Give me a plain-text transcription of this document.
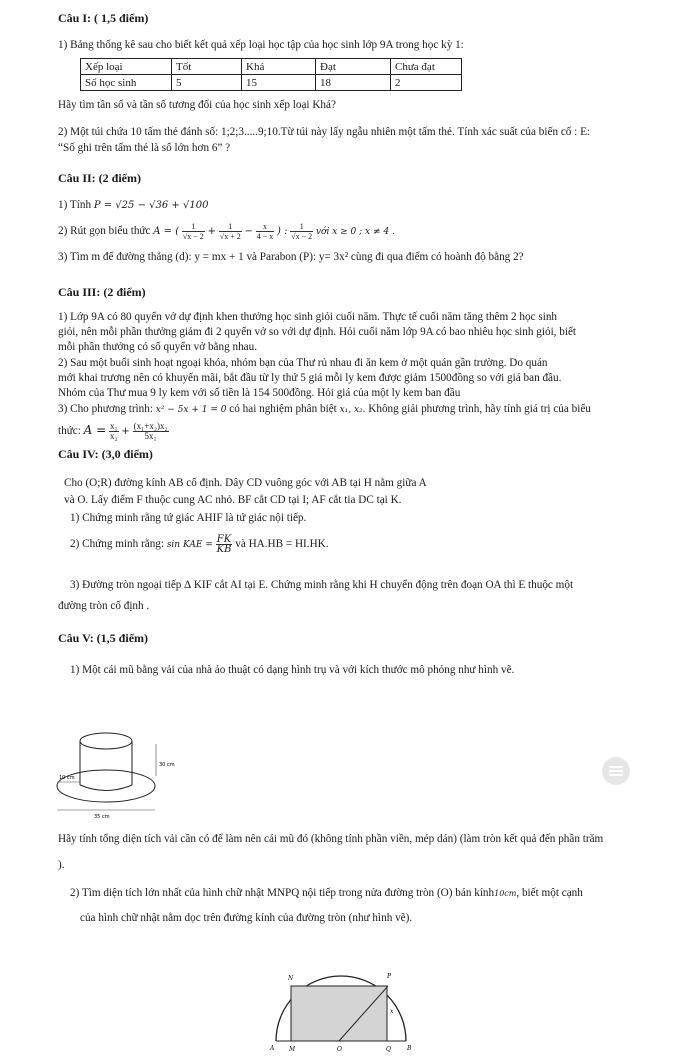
Câu I: ( 1,5 điểm)
1) Bảng thống kê sau cho biết kết quả xếp loại học tập của học sinh lớp 9A trong học kỳ 1:
Xếp loại	Tốt	Khá	Đạt	Chưa đạt
Số học sinh	5	15	18	2
Hãy tìm tần số và tần số tương đối của học sinh xếp loại Khá?
2) Một túi chứa 10 tấm thẻ đánh số: 1;2;3.....9;10.Từ túi này lấy ngẫu nhiên một tấm thẻ. Tính xác suất của biến cố : E:
“Số ghi trên tấm thẻ là số lớn hơn 6” ?
Câu II: (2 điểm)
1) Tính P = √25 − √36 + √100
2) Rút gọn biểu thức A = ( $\frac{1}{√x - 2} + \frac{1}{√x + 2} - \frac{x}{4 - x}$ ) : $\frac{1}{√x - 2}$ với x ≥ 0 ; x ≠ 4 .
3) Tìm m để đường thẳng (d): y = mx + 1 và Parabon (P): y= 3x² cùng đi qua điểm có hoành độ bằng 2?
Câu III: (2 điểm)
1) Lớp 9A có 80 quyển vở dự định khen thưởng học sinh giỏi cuối năm. Thực tế cuối năm tăng thêm 2 học sinh
giỏi, nên mỗi phần thưởng giảm đi 2 quyển vở so với dự định. Hỏi cuối năm lớp 9A có bao nhiêu học sinh giỏi, biết
mỗi phần thưởng có số quyển vở bằng nhau.
2) Sau một buổi sinh hoạt ngoại khóa, nhóm bạn của Thư rủ nhau đi ăn kem ở một quán gần trường. Do quán
mới khai trương nên có khuyến mãi, bắt đầu từ ly thứ 5 giá mỗi ly kem được giảm 1500đồng so với giá ban đầu.
Nhóm của Thư mua 9 ly kem với số tiền là 154 500đồng. Hỏi giá của một ly kem ban đầu
3) Cho phương trình: x² − 5x + 1 = 0 có hai nghiệm phân biệt x₁, x₂. Không giải phương trình, hãy tính giá trị của biểu
thức: $A = \frac{\text{x₁}}{\text{x₂}} + \frac{\text{(x₁+x₂)x₂}}{\text{5x₁}}$
Câu IV: (3,0 điểm)
Cho (O;R) đường kính AB cố định. Dây CD vuông góc với AB tại H nằm giữa A
và O. Lấy điểm F thuộc cung AC nhỏ. BF cắt CD tại I; AF cắt tia DC tại K.
1) Chứng minh rằng tứ giác AHIF là tứ giác nội tiếp.
2) Chứng minh rằng: sin KAE = $\frac{FK}{KB}$ và HA.HB = HI.HK.
3) Đường tròn ngoại tiếp ∆ KIF cắt AI tại E. Chứng minh rằng khi H chuyển động trên đoạn OA thì E thuộc một
đường tròn cố định .
Câu V: (1,5 điểm)
1) Một cái mũ bằng vải của nhà ảo thuật có dạng hình trụ và với kích thước mô phỏng như hình vẽ.
30 cm
10 cm
35 cm
Hãy tính tổng diện tích vải cần có để làm nên cái mũ đó (không tính phần viền, mép dán) (làm tròn kết quả đến phần trăm
).
2) Tìm diện tích lớn nhất của hình chữ nhật MNPQ nội tiếp trong nửa đường tròn (O) bán kính10cm, biết một cạnh
của hình chữ nhật nằm dọc trên đường kính của đường tròn (như hình vẽ).
N	P
x
A M	O	Q	B
